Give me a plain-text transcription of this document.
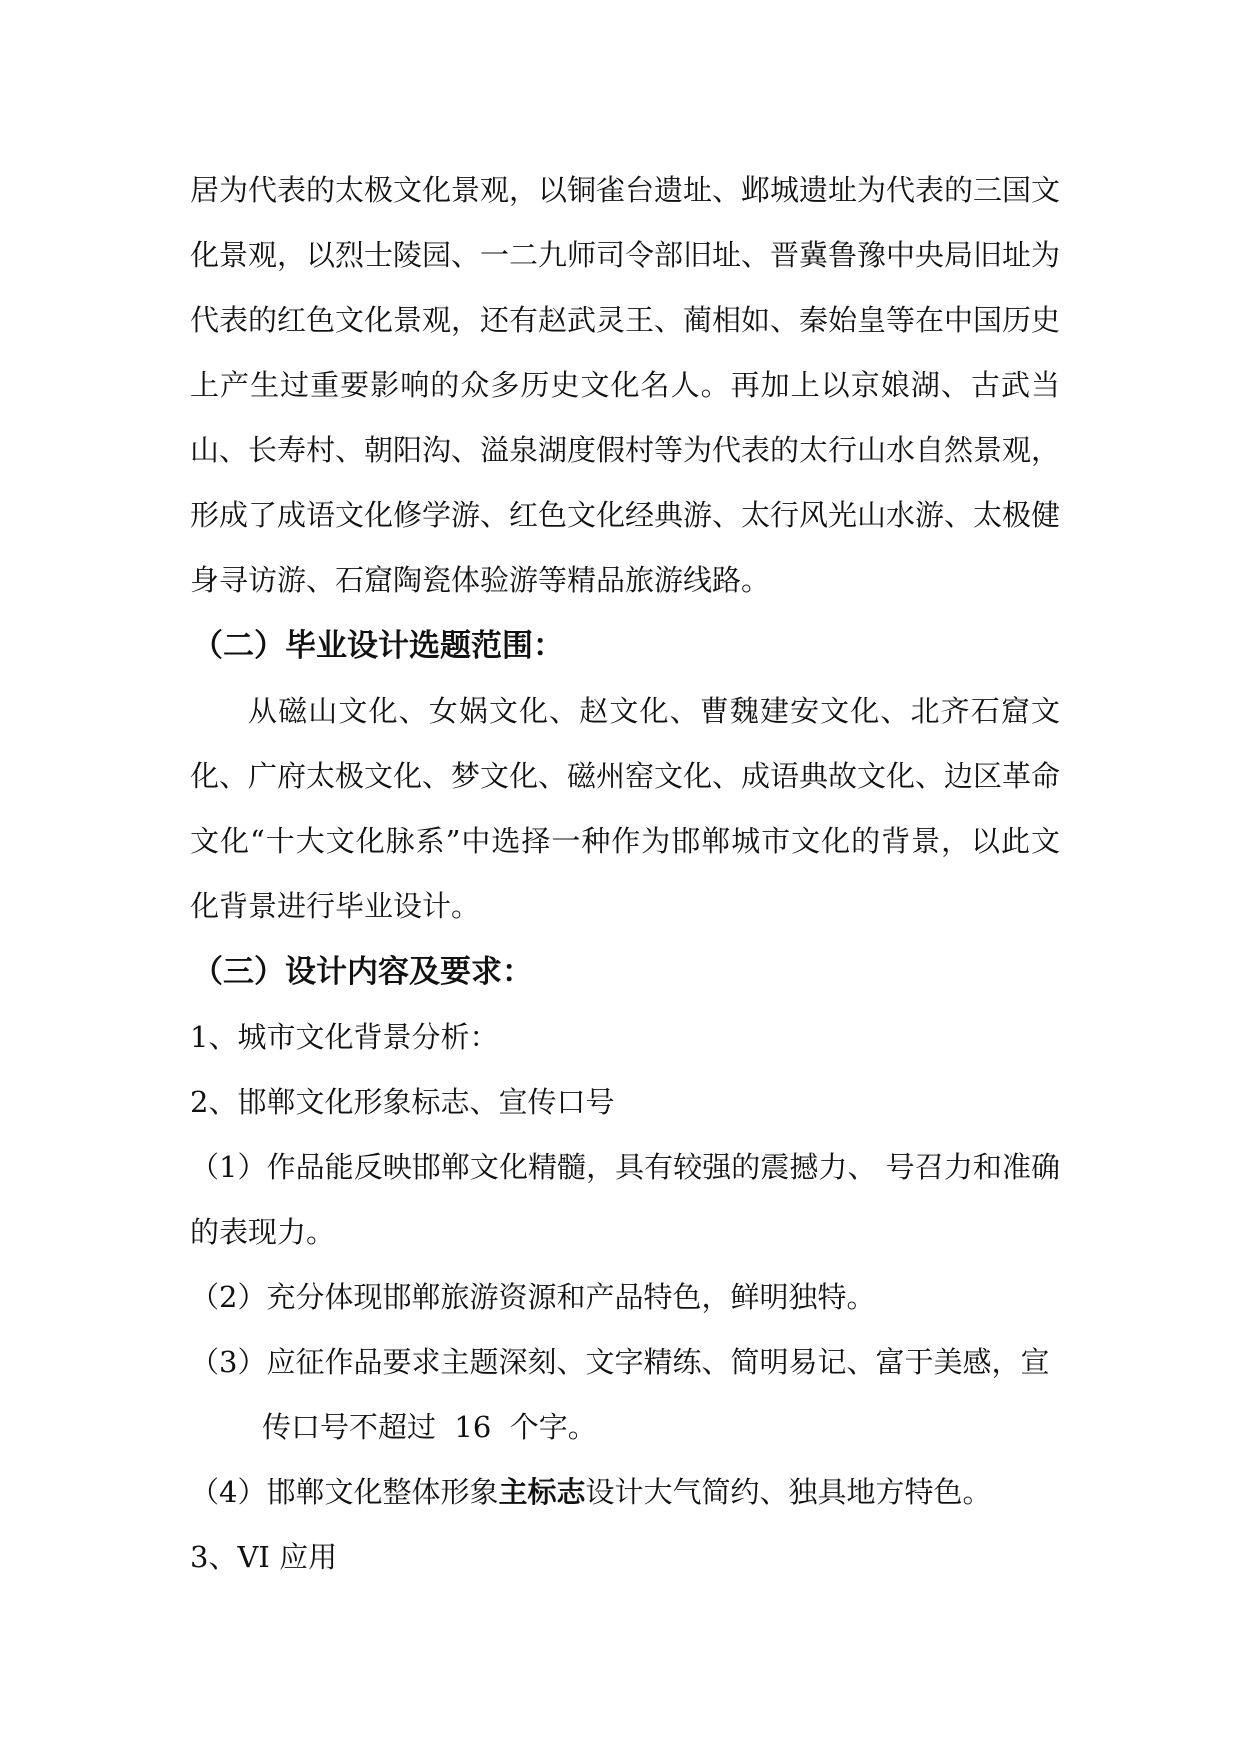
居为代表的太极文化景观，以铜雀台遗址、邺城遗址为代表的三国文化景观，以烈士陵园、一二九师司令部旧址、晋冀鲁豫中央局旧址为代表的红色文化景观，还有赵武灵王、蔺相如、秦始皇等在中国历史上产生过重要影响的众多历史文化名人。再加上以京娘湖、古武当山、长寿村、朝阳沟、溢泉湖度假村等为代表的太行山水自然景观，形成了成语文化修学游、红色文化经典游、太行风光山水游、太极健身寻访游、石窟陶瓷体验游等精品旅游线路。

（二）毕业设计选题范围：

从磁山文化、女娲文化、赵文化、曹魏建安文化、北齐石窟文化、广府太极文化、梦文化、磁州窑文化、成语典故文化、边区革命文化“十大文化脉系”中选择一种作为邯郸城市文化的背景，以此文化背景进行毕业设计。

（三）设计内容及要求：

1、城市文化背景分析：

2、邯郸文化形象标志、宣传口号

（1）作品能反映邯郸文化精髓，具有较强的震撼力、 号召力和准确的表现力。

（2）充分体现邯郸旅游资源和产品特色，鲜明独特。

（3）应征作品要求主题深刻、文字精练、简明易记、富于美感，宣

传口号不超过  16  个字。

（4）邯郸文化整体形象主标志设计大气简约、独具地方特色。

3、VI 应用
